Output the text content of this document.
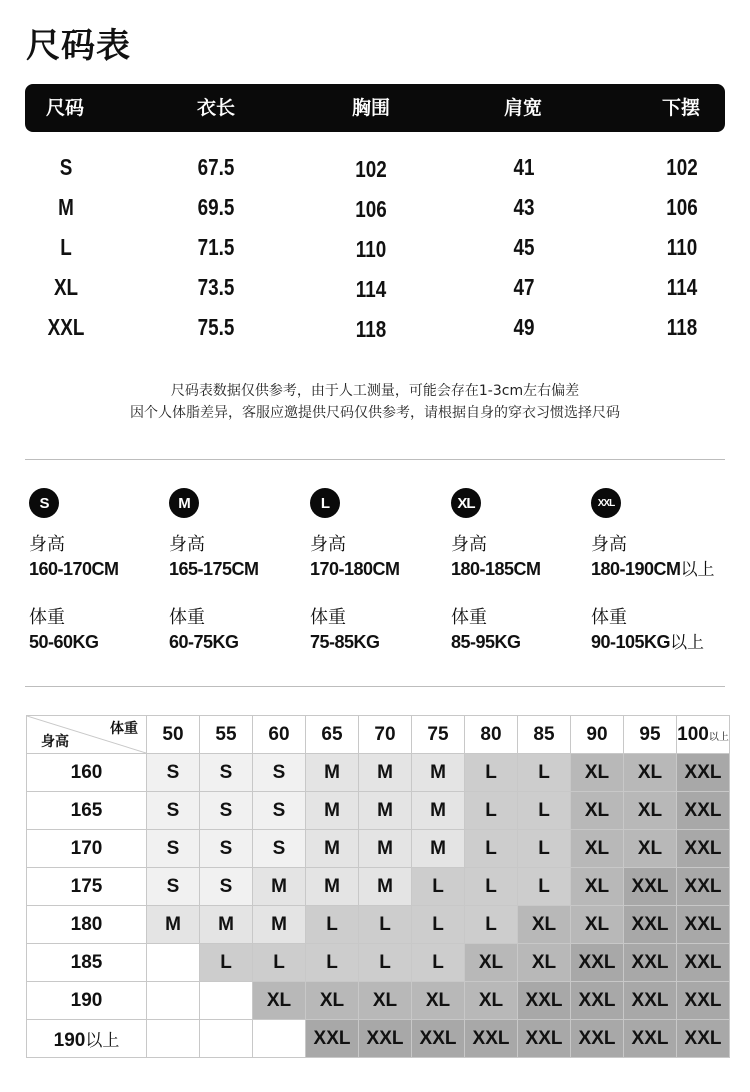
尺码表
尺码	衣长	胸围	肩宽	下摆
S	67.5	102	41	102
M	69.5	106	43	106
L	71.5	110	45	110
XL	73.5	114	47	114
XXL	75.5	118	49	118
尺码表数据仅供参考，由于人工测量，可能会存在1-3cm左右偏差
因个人体脂差异，客服应邀提供尺码仅供参考，请根据自身的穿衣习惯选择尺码
S
身高
160-170CM
体重
50-60KG
M
身高
165-175CM
体重
60-75KG
L
身高
170-180CM
体重
75-85KG
XL
身高
180-185CM
体重
85-95KG
XXL
身高
180-190CM以上
体重
90-105KG以上
体重
身高	50	55	60	65	70	75	80	85	90	95	100以上
160	S	S	S	M	M	M	L	L	XL	XL	XXL
165	S	S	S	M	M	M	L	L	XL	XL	XXL
170	S	S	S	M	M	M	L	L	XL	XL	XXL
175	S	S	M	M	M	L	L	L	XL	XXL	XXL
180	M	M	M	L	L	L	L	XL	XL	XXL	XXL
185		L	L	L	L	L	XL	XL	XXL	XXL	XXL
190			XL	XL	XL	XL	XL	XXL	XXL	XXL	XXL
190以上				XXL	XXL	XXL	XXL	XXL	XXL	XXL	XXL
